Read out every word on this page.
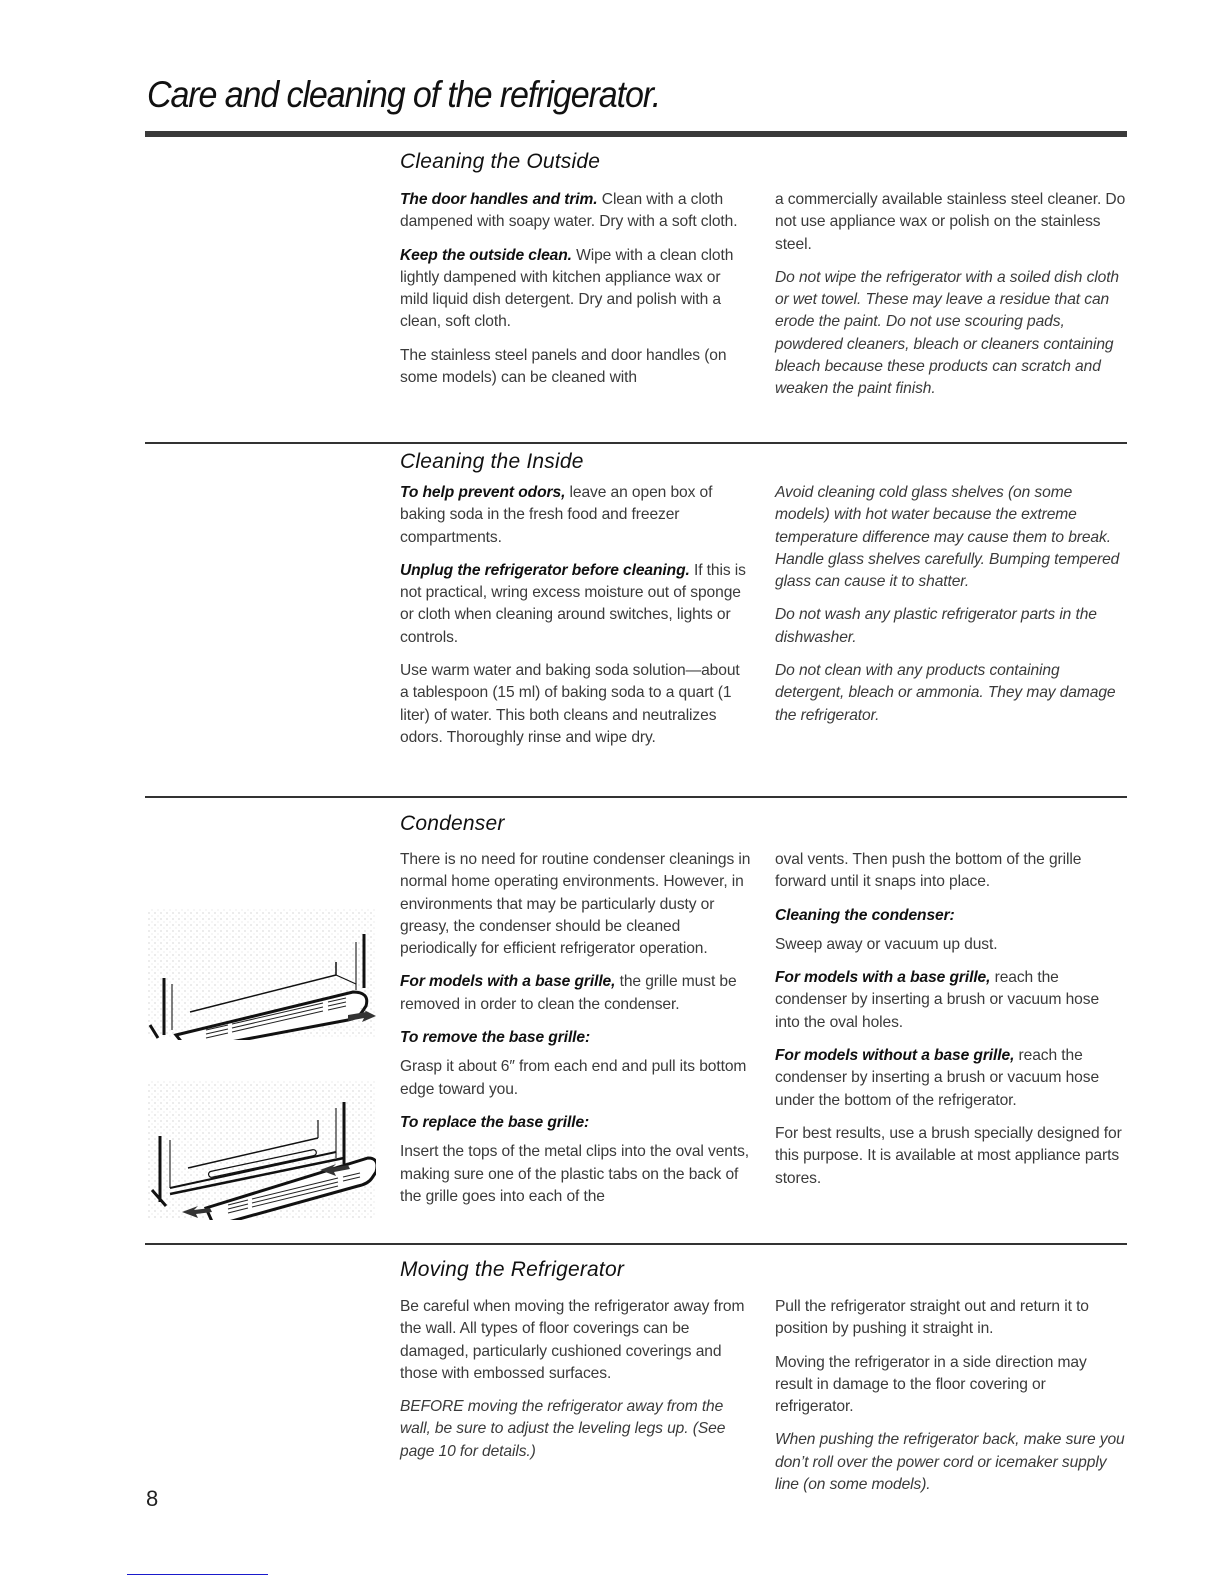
Care and cleaning of the refrigerator.
Cleaning the Outside

The door handles and trim. Clean with a cloth dampened with soapy water. Dry with a soft cloth.

Keep the outside clean. Wipe with a clean cloth lightly dampened with kitchen appliance wax or mild liquid dish detergent. Dry and polish with a clean, soft cloth.

The stainless steel panels and door handles (on some models) can be cleaned with

a commercially available stainless steel cleaner. Do not use appliance wax or polish on the stainless steel.

Do not wipe the refrigerator with a soiled dish cloth or wet towel. These may leave a residue that can erode the paint. Do not use scouring pads, powdered cleaners, bleach or cleaners containing bleach because these products can scratch and weaken the paint finish.

Cleaning the Inside

To help prevent odors, leave an open box of baking soda in the fresh food and freezer compartments.

Unplug the refrigerator before cleaning. If this is not practical, wring excess moisture out of sponge or cloth when cleaning around switches, lights or controls.

Use warm water and baking soda solution—about a tablespoon (15 ml) of baking soda to a quart (1 liter) of water. This both cleans and neutralizes odors. Thoroughly rinse and wipe dry.

Avoid cleaning cold glass shelves (on some models) with hot water because the extreme temperature difference may cause them to break. Handle glass shelves carefully. Bumping tempered glass can cause it to shatter.

Do not wash any plastic refrigerator parts in the dishwasher.

Do not clean with any products containing detergent, bleach or ammonia. They may damage the refrigerator.

Condenser

There is no need for routine condenser cleanings in normal home operating environments. However, in environments that may be particularly dusty or greasy, the condenser should be cleaned periodically for efficient refrigerator operation.

For models with a base grille, the grille must be removed in order to clean the condenser.

To remove the base grille:

Grasp it about 6″ from each end and pull its bottom edge toward you.

To replace the base grille:

Insert the tops of the metal clips into the oval vents, making sure one of the plastic tabs on the back of the grille goes into each of the

oval vents. Then push the bottom of the grille forward until it snaps into place.

Cleaning the condenser:

Sweep away or vacuum up dust.

For models with a base grille, reach the condenser by inserting a brush or vacuum hose into the oval holes.

For models without a base grille, reach the condenser by inserting a brush or vacuum hose under the bottom of the refrigerator.

For best results, use a brush specially designed for this purpose. It is available at most appliance parts stores.

Moving the Refrigerator

Be careful when moving the refrigerator away from the wall. All types of floor coverings can be damaged, particularly cushioned coverings and those with embossed surfaces.

BEFORE moving the refrigerator away from the wall, be sure to adjust the leveling legs up. (See page 10 for details.)

Pull the refrigerator straight out and return it to position by pushing it straight in.

Moving the refrigerator in a side direction may result in damage to the floor covering or refrigerator.

When pushing the refrigerator back, make sure you don’t roll over the power cord or icemaker supply line (on some models).

8
